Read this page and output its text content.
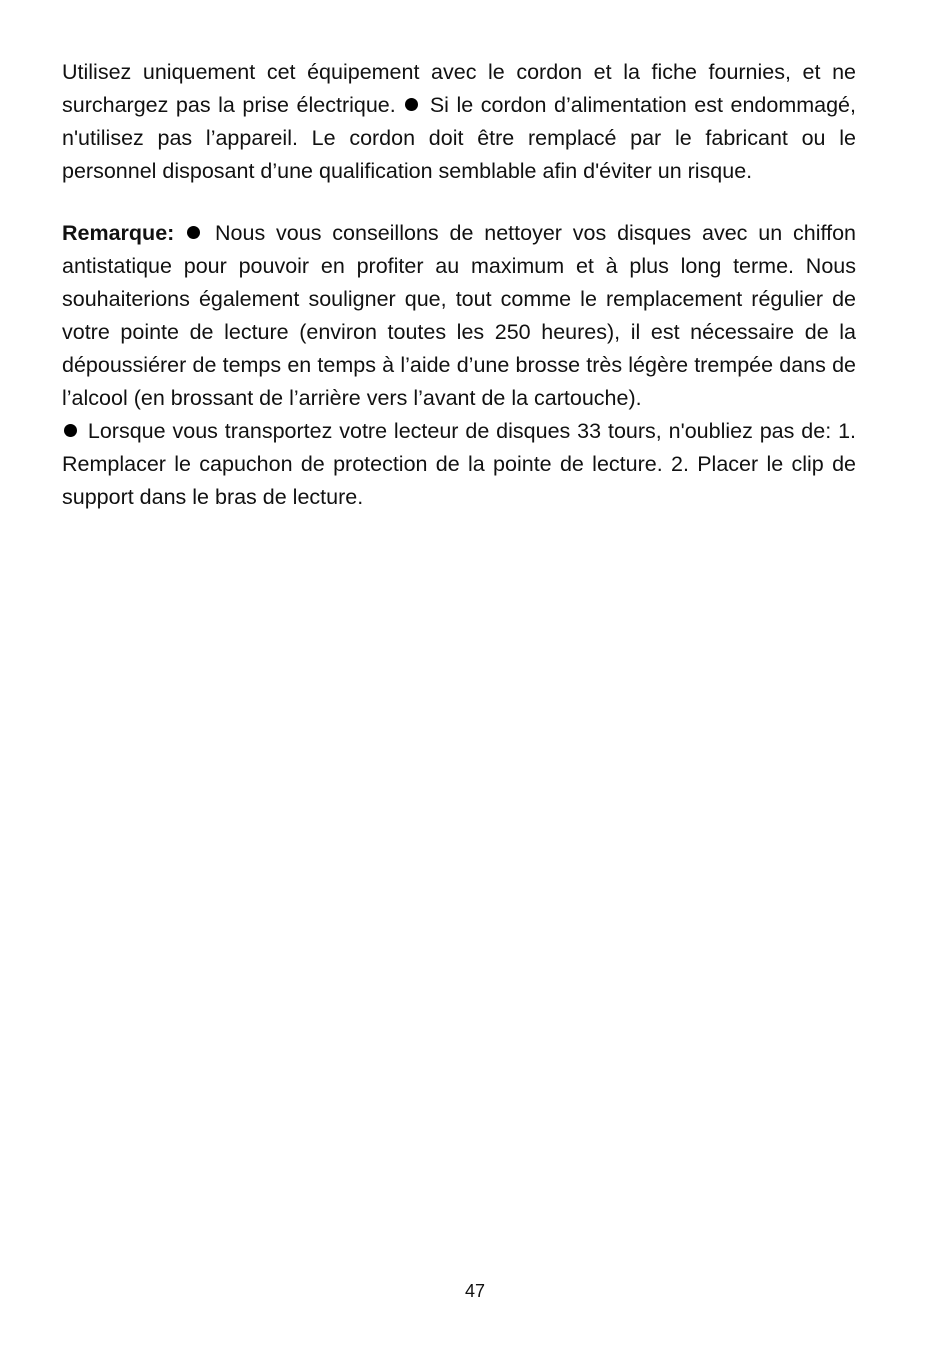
Utilisez uniquement cet équipement avec le cordon et la fiche fournies, et ne surchargez pas la prise électrique.  Si le cordon d’alimentation est endommagé, n'utilisez pas l’appareil. Le cordon doit être remplacé par le fabricant ou le personnel disposant d’une qualification semblable afin d'éviter un risque.

Remarque:  Nous vous conseillons de nettoyer vos disques avec un chiffon antistatique pour pouvoir en profiter au maximum et à plus long terme. Nous souhaiterions également souligner que, tout comme le remplacement régulier de votre pointe de lecture (environ toutes les 250 heures), il est nécessaire de la dépoussiérer de temps en temps à l’aide d’une brosse très légère trempée dans de l’alcool (en brossant de l’arrière vers l’avant de la cartouche).
Lorsque vous transportez votre lecteur de disques 33 tours, n'oubliez pas de: 1. Remplacer le capuchon de protection de la pointe de lecture. 2. Placer le clip de support dans le bras de lecture.

47
